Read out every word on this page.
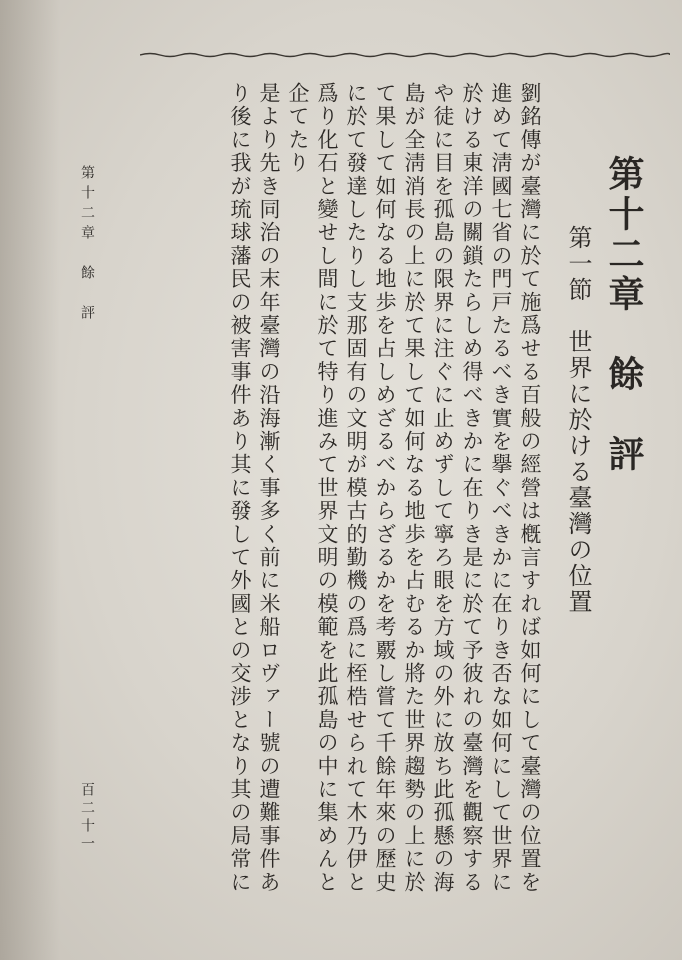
第十二章　餘　評
第一節　世界に於ける臺灣の位置
劉銘傳が臺灣に於て施爲せる百般の經營は槪言すれば如何にして臺灣の位置を
進めて淸國七省の門戸たるべき實を擧ぐべきかに在りき否な如何にして世界に
於ける東洋の關鎖たらしめ得べきかに在りき是に於て予彼れの臺灣を觀察する
や徒に目を孤島の限界に注ぐに止めずして寧ろ眼を方域の外に放ち此孤懸の海
島が全淸消長の上に於て果して如何なる地歩を占むるか將た世界趨勢の上に於
て果して如何なる地歩を占しめざるべからざるかを考覈し嘗て千餘年來の歷史
に於て發達したりし支那固有の文明が模古的勤機の爲に桎梏せられて木乃伊と
爲り化石と變せし間に於て特り進みて世界文明の模範を此孤島の中に集めんと
企てたり
是より先き同治の末年臺灣の沿海漸く事多く前に米船ロヴァー號の遭難事件あ
り後に我が琉球藩民の被害事件あり其に發して外國との交涉となり其の局常に
第十二章　餘　評
百二十一
